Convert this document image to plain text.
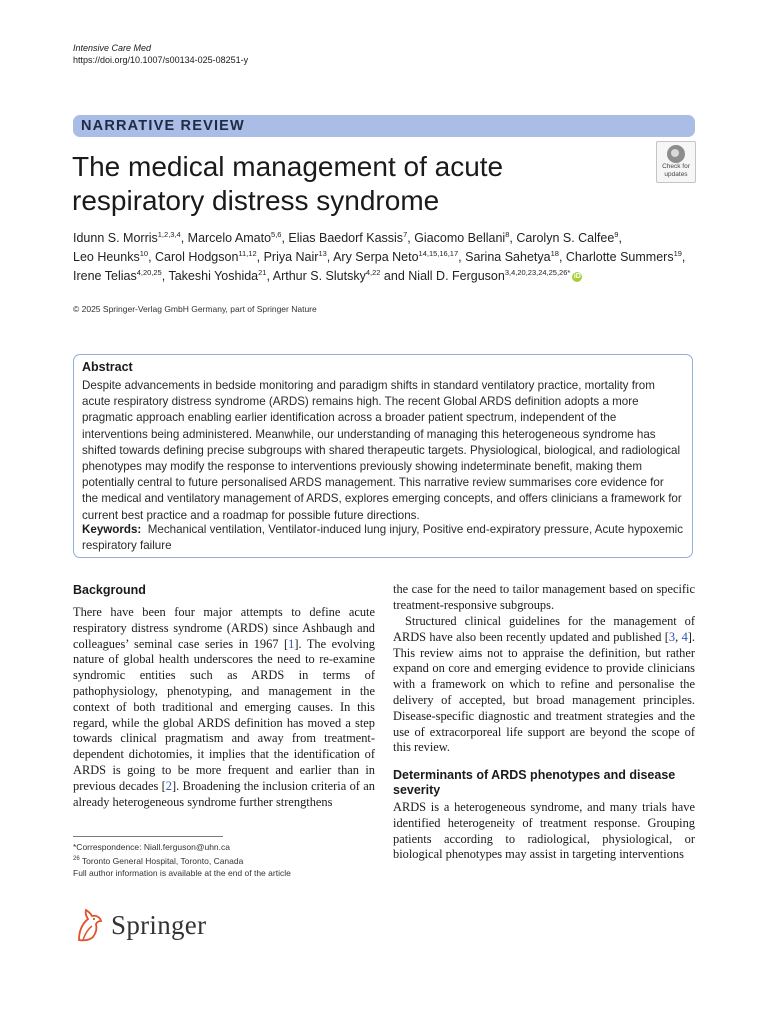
Intensive Care Med
https://doi.org/10.1007/s00134-025-08251-y
NARRATIVE REVIEW
The medical management of acute respiratory distress syndrome
Check for
updates
Idunn S. Morris$^{1,2,3,4}$, Marcelo Amato$^{5,6}$, Elias Baedorf Kassis$^7$, Giacomo Bellani$^8$, Carolyn S. Calfee$^9$,
Leo Heunks$^{10}$, Carol Hodgson$^{11,12}$, Priya Nair$^{13}$, Ary Serpa Neto$^{14,15,16,17}$, Sarina Sahetya$^{18}$, Charlotte Summers$^{19}$,
Irene Telias$^{4,20,25}$, Takeshi Yoshida$^{21}$, Arthur S. Slutsky$^{4,22}$ and Niall D. Ferguson$^{3,4,20,23,24,25,26*}$ iD
© 2025 Springer-Verlag GmbH Germany, part of Springer Nature
Abstract
Despite advancements in bedside monitoring and paradigm shifts in standard ventilatory practice, mortality from acute respiratory distress syndrome (ARDS) remains high. The recent Global ARDS definition adopts a more pragmatic approach enabling earlier identification across a broader patient spectrum, independent of the interventions being administered. Meanwhile, our understanding of managing this heterogeneous syndrome has shifted towards defining precise subgroups with shared therapeutic targets. Physiological, biological, and radiological phenotypes may modify the response to interventions previously showing indeterminate benefit, making them potentially central to future personalised ARDS management. This narrative review summarises core evidence for the medical and ventilatory management of ARDS, explores emerging concepts, and offers clinicians a framework for current best practice and a roadmap for possible future directions.
Keywords: Mechanical ventilation, Ventilator-induced lung injury, Positive end-expiratory pressure, Acute hypoxemic respiratory failure
Background
There have been four major attempts to define acute respiratory distress syndrome (ARDS) since Ashbaugh and colleagues’ seminal case series in 1967 [1]. The evolving nature of global health underscores the need to re-examine syndromic entities such as ARDS in terms of pathophysiology, phenotyping, and management in the context of both traditional and emerging causes. In this regard, while the global ARDS definition has moved a step towards clinical pragmatism and away from treatment-dependent dichotomies, it implies that the identification of ARDS is going to be more frequent and earlier than in previous decades [2]. Broadening the inclusion criteria of an already heterogeneous syndrome further strengthens
the case for the need to tailor management based on specific treatment-responsive subgroups.
Structured clinical guidelines for the management of ARDS have also been recently updated and published [3, 4]. This review aims not to appraise the definition, but rather expand on core and emerging evidence to provide clinicians with a framework on which to refine and personalise the delivery of accepted, but broad management principles. Disease-specific diagnostic and treatment strategies and the use of extracorporeal life support are beyond the scope of this review.
Determinants of ARDS phenotypes and disease severity
ARDS is a heterogeneous syndrome, and many trials have identified heterogeneity of treatment response. Grouping patients according to radiological, physiological, or biological phenotypes may assist in targeting interventions
*Correspondence: Niall.ferguson@uhn.ca
$^{26}$ Toronto General Hospital, Toronto, Canada
Full author information is available at the end of the article
Springer
